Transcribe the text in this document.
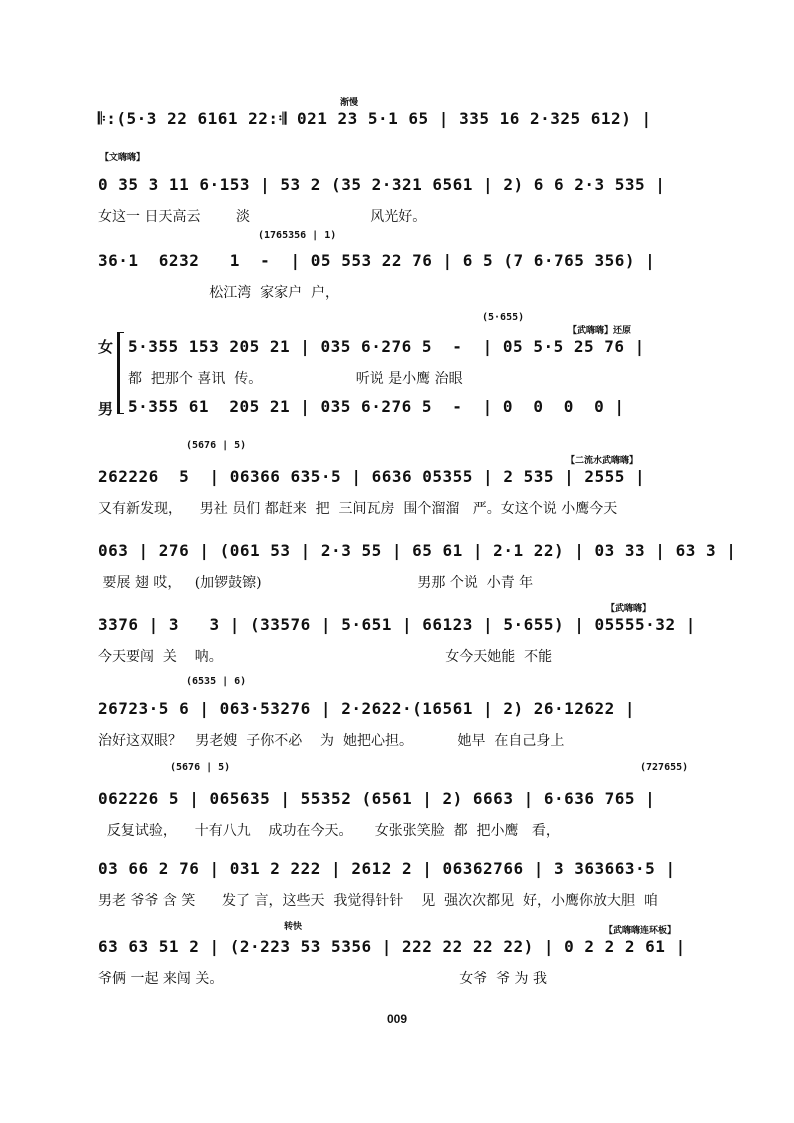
渐慢
𝄆:(5·3 22 6161 22:𝄇 021 23 5·1 65 | 335 16 2·325 612) |
【文嗨嗨】
0 35 3 11 6·153 | 53 2 (35 2·321 6561 | 2) 6 6 2·3 535 |
女这一 日天高云        淡                           风光好。
(1765356 | 1)
36·1  6232   1  -  | 05 553 22 76 | 6 5 (7 6·765 356) |
松江湾  家家户  户，
(5·655)
【武嗨嗨】还原
女 5·355 153 205 21 | 035 6·276 5  -  | 05 5·5 25 76 |
都  把那个 喜讯  传。                     听说 是小鹰 治眼
男 5·355 61  205 21 | 035 6·276 5  -  | 0  0  0  0 |
(5676 | 5)
【二流水武嗨嗨】
262226  5  | 06366 635·5 | 6636 05355 | 2 535 | 2555 |
又有新发现，    男社 员们 都赶来  把  三间瓦房  围个溜溜   严。女这个说 小鹰今天
063 | 276 | (061 53 | 2·3 55 | 65 61 | 2·1 22) | 03 33 | 63 3 |
要展 翅 哎，   (加锣鼓镲)                                   男那 个说  小青 年
【武嗨嗨】
3376 | 3   3 | (33576 | 5·651 | 66123 | 5·655) | 05555·32 |
今天要闯  关    呐。                                                  女今天她能  不能
(6535 | 6)
26723·5 6 | 063·53276 | 2·2622·(16561 | 2) 26·12622 |
治好这双眼？   男老嫂  子你不必    为  她把心担。          她早  在自己身上
(5676 | 5)	(727655)
062226 5 | 065635 | 55352 (6561 | 2) 6663 | 6·636 765 |
反复试验，    十有八九    成功在今天。     女张张笑脸  都  把小鹰   看，
03 66 2 76 | 031 2 222 | 2612 2 | 06362766 | 3 363663·5 |
男老 爷爷 含 笑      发了 言，这些天  我觉得针针    见  强次次都见  好，小鹰你放大胆  咱
转快	【武嗨嗨连环板】
63 63 51 2 | (2·223 53 5356 | 222 22 22 22) | 0 2 2 2 61 |
爷俩 一起 来闯 关。                                                     女爷  爷 为 我
009
